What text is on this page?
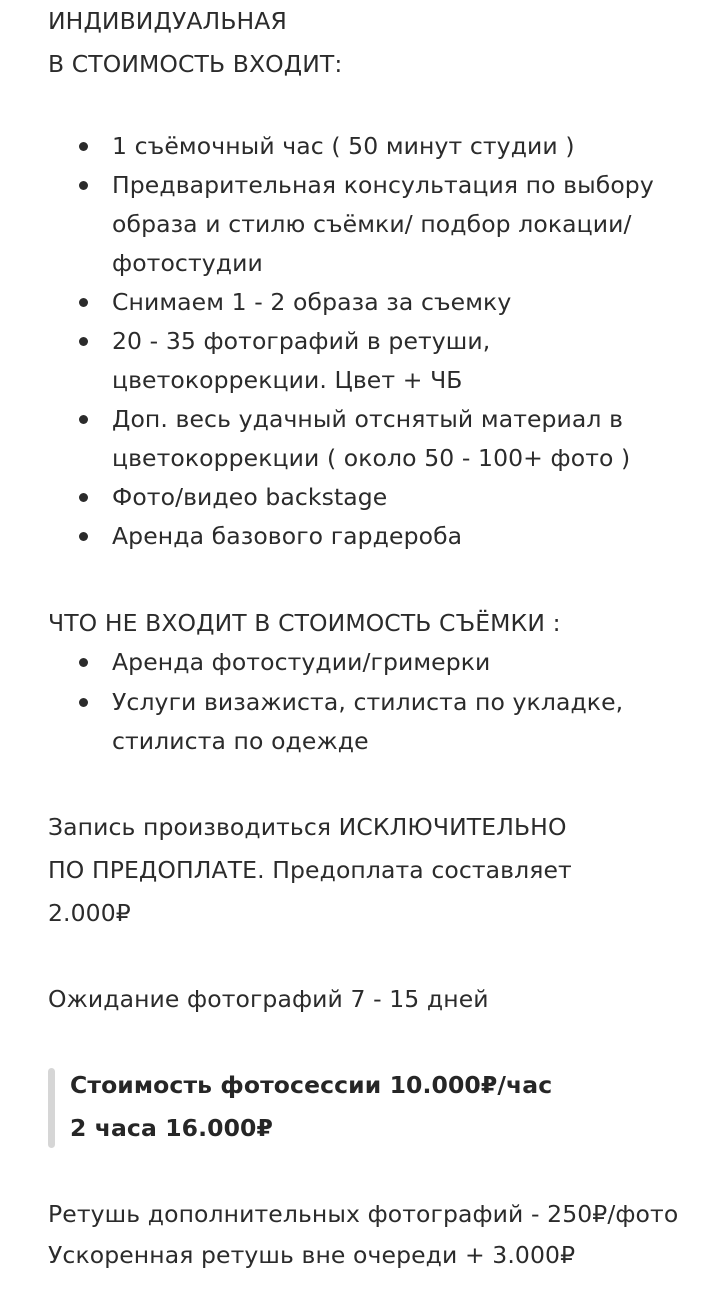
ИНДИВИДУАЛЬНАЯ
В СТОИМОСТЬ ВХОДИТ:
1 съёмочный час ( 50 минут студии )
Предварительная консультация по выбору
образа и стилю съёмки/ подбор локации/
фотостудии
Снимаем 1 - 2 образа за съемку
20 - 35 фотографий в ретуши,
цветокоррекции. Цвет + ЧБ
Доп. весь удачный отснятый материал в
цветокоррекции ( около 50 - 100+ фото )
Фото/видео backstage
Аренда базового гардероба
ЧТО НЕ ВХОДИТ В СТОИМОСТЬ СЪЁМКИ :
Аренда фотостудии/гримерки
Услуги визажиста, стилиста по укладке,
стилиста по одежде
Запись производиться ИСКЛЮЧИТЕЛЬНО
ПО ПРЕДОПЛАТЕ. Предоплата составляет
2.000₽
Ожидание фотографий 7 - 15 дней
Стоимость фотосессии 10.000₽/час
2 часа 16.000₽
Ретушь дополнительных фотографий - 250₽/фото
Ускоренная ретушь вне очереди + 3.000₽
